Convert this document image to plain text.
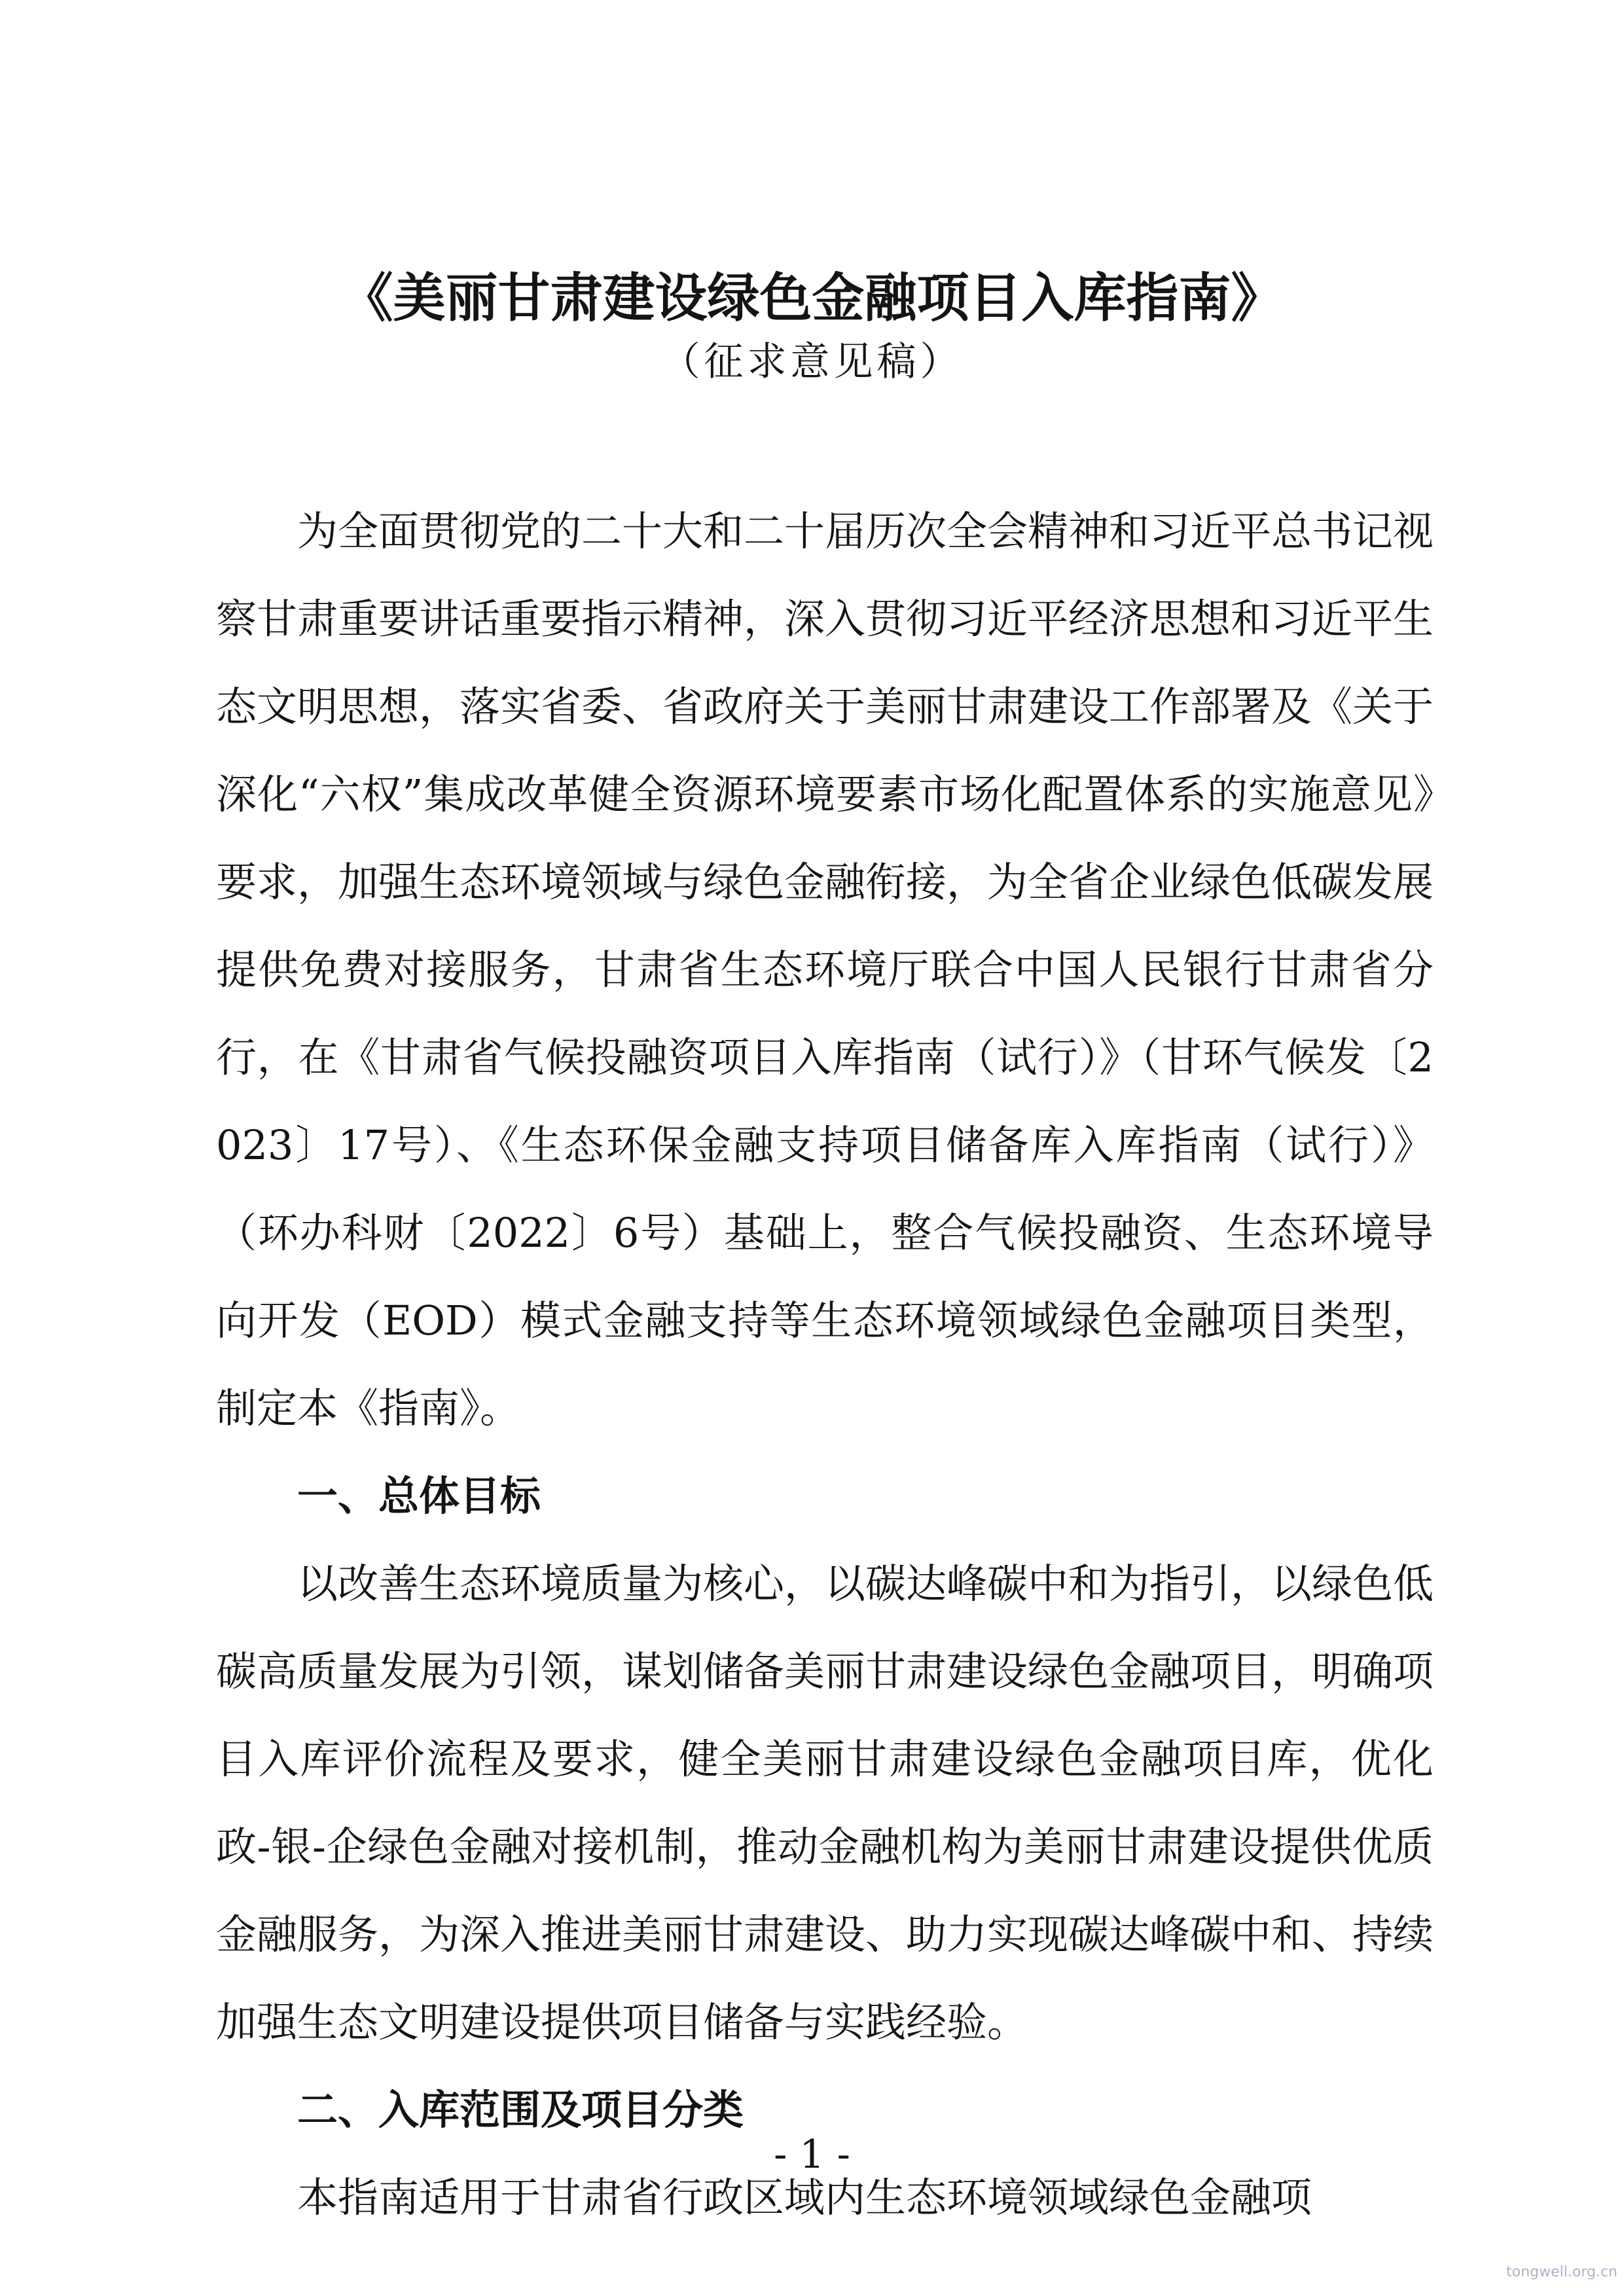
《美丽甘肃建设绿色金融项目入库指南》
（征求意见稿）

为全面贯彻党的二十大和二十届历次全会精神和习近平总书记视察甘肃重要讲话重要指示精神，深入贯彻习近平经济思想和习近平生态文明思想，落实省委、省政府关于美丽甘肃建设工作部署及《关于深化“六权”集成改革健全资源环境要素市场化配置体系的实施意见》要求，加强生态环境领域与绿色金融衔接，为全省企业绿色低碳发展提供免费对接服务，甘肃省生态环境厅联合中国人民银行甘肃省分行，在《甘肃省气候投融资项目入库指南（试行）》（甘环气候发〔2023〕17号）、《生态环保金融支持项目储备库入库指南（试行）》（环办科财〔2022〕6号）基础上，整合气候投融资、生态环境导向开发（EOD）模式金融支持等生态环境领域绿色金融项目类型，制定本《指南》。

一、总体目标

以改善生态环境质量为核心，以碳达峰碳中和为指引，以绿色低碳高质量发展为引领，谋划储备美丽甘肃建设绿色金融项目，明确项目入库评价流程及要求，健全美丽甘肃建设绿色金融项目库，优化政-银-企绿色金融对接机制，推动金融机构为美丽甘肃建设提供优质金融服务，为深入推进美丽甘肃建设、助力实现碳达峰碳中和、持续加强生态文明建设提供项目储备与实践经验。

二、入库范围及项目分类

本指南适用于甘肃省行政区域内生态环境领域绿色金融项

- 1 -
tongwell.org.cn
